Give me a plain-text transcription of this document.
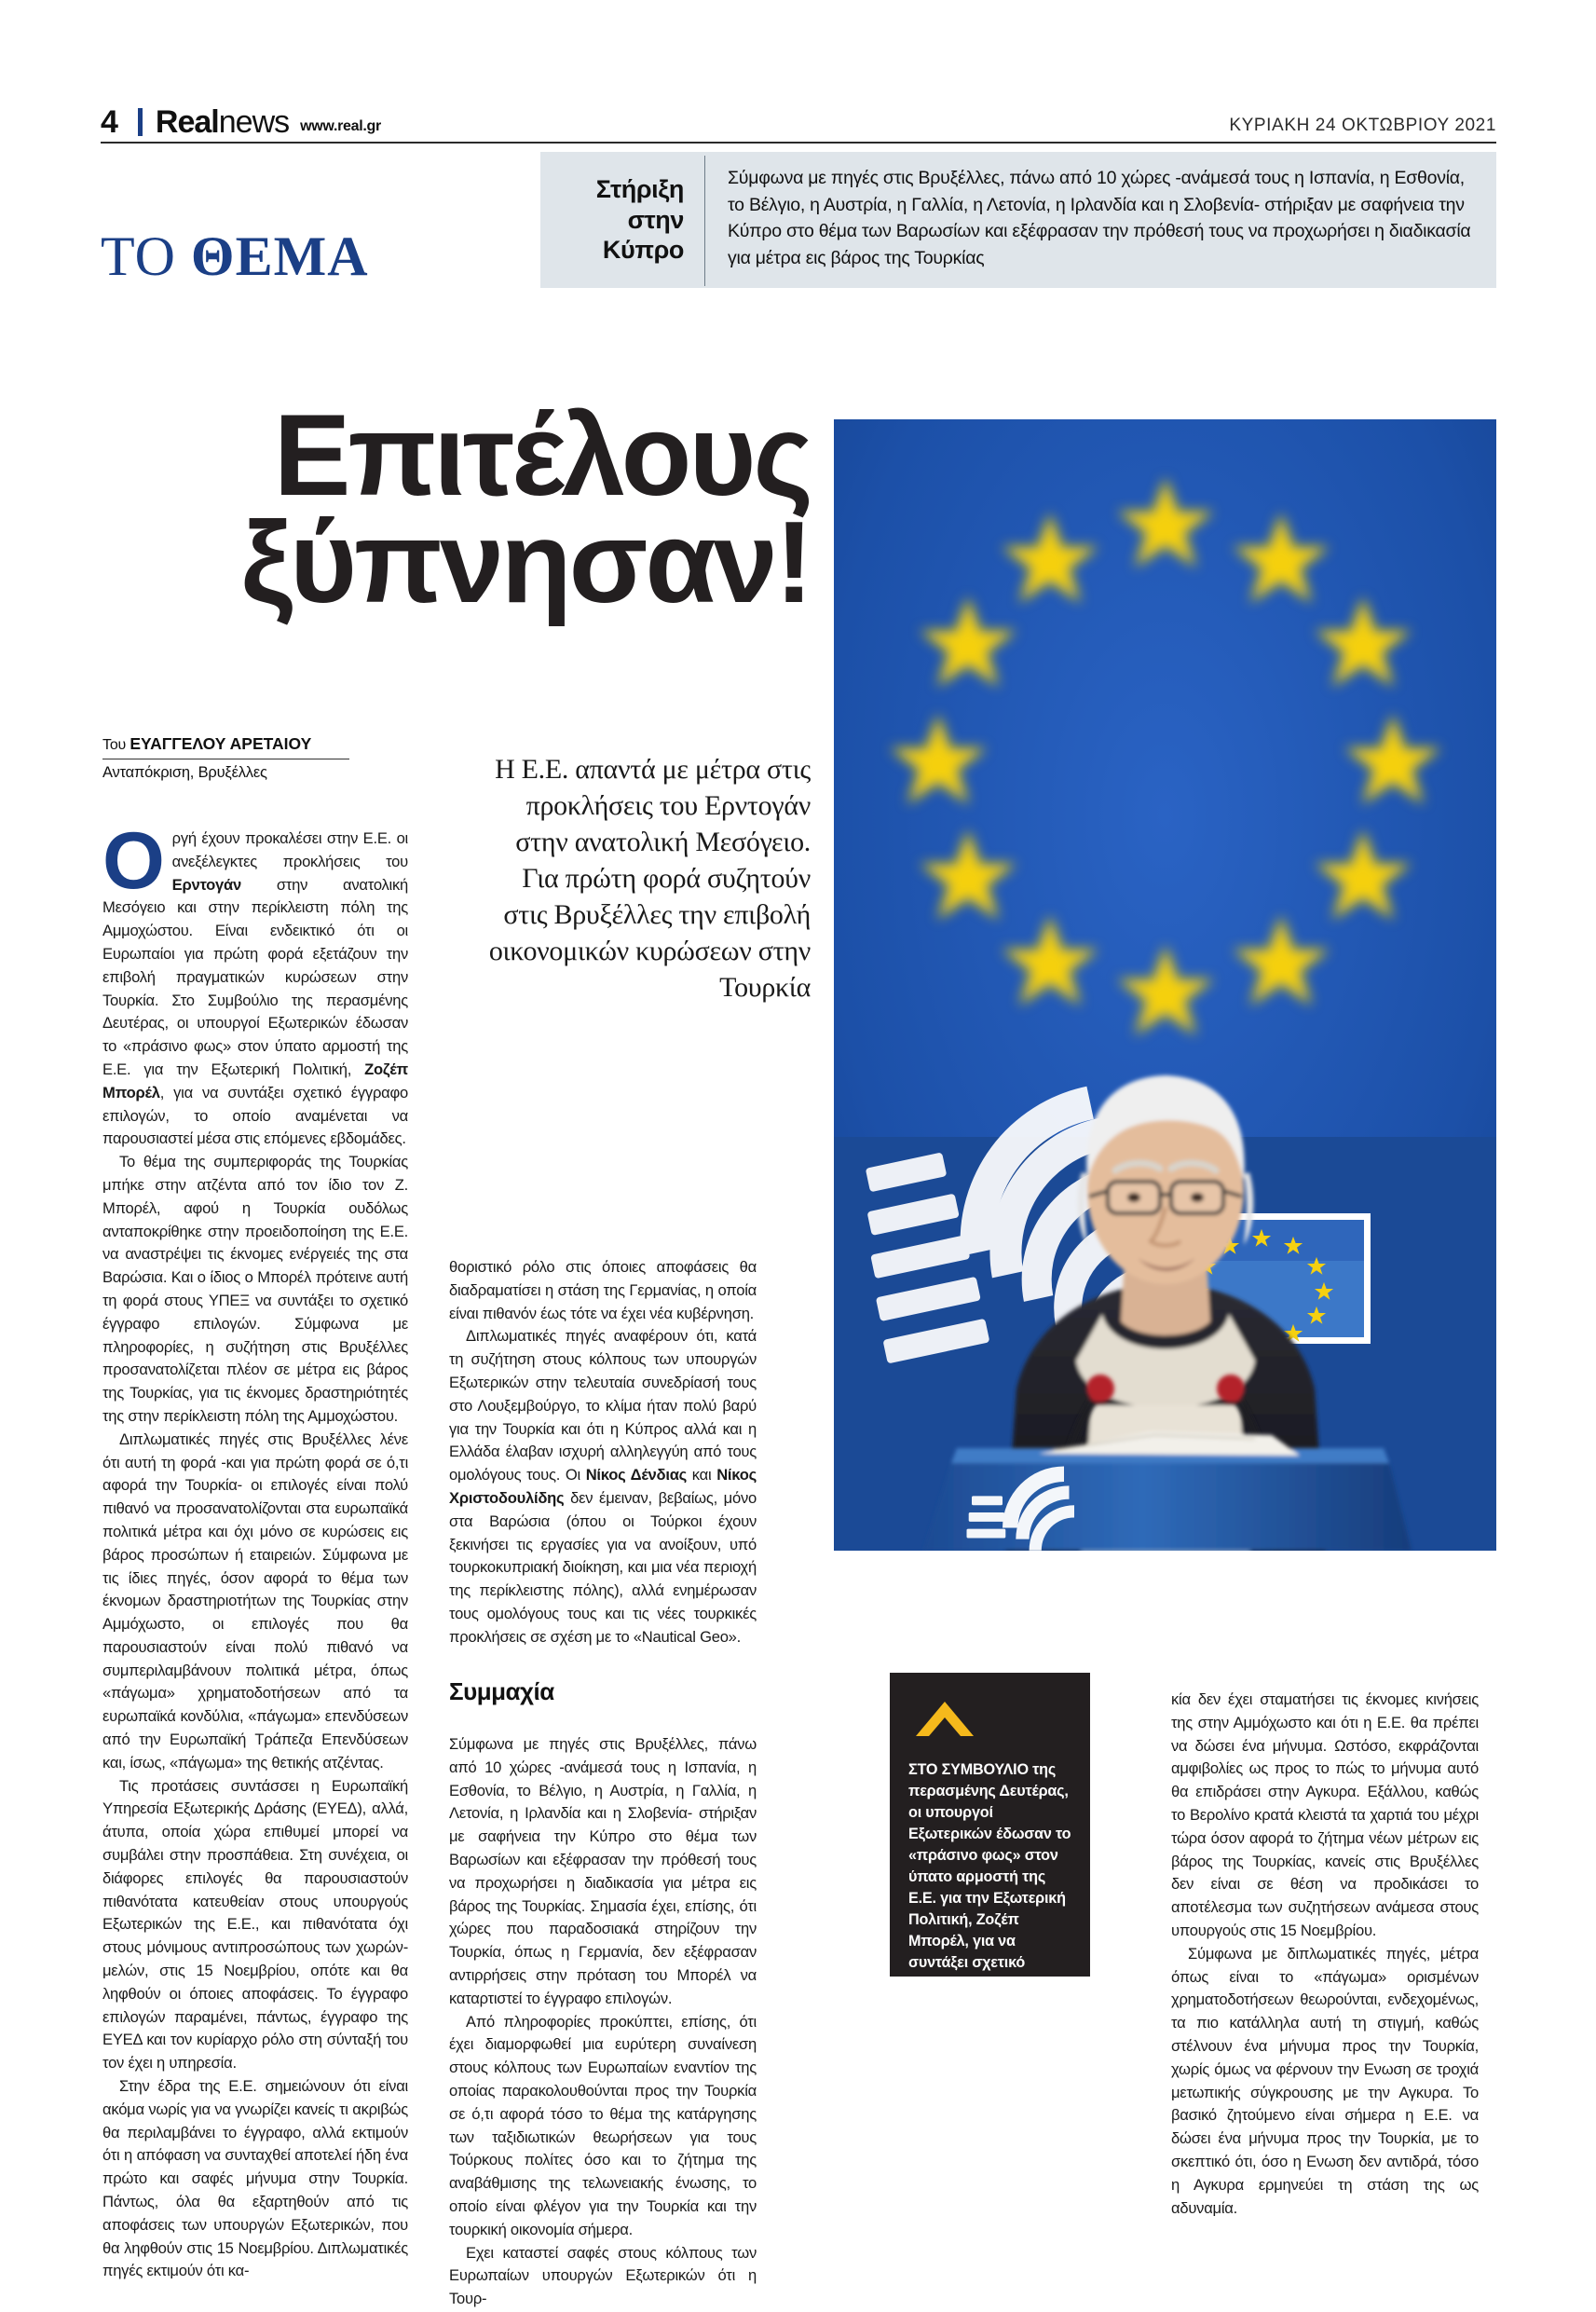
4 Realnews www.real.gr	ΚΥΡΙΑΚΗ 24 ΟΚΤΩΒΡΙΟΥ 2021
Στήριξη
στην Κύπρο
Σύμφωνα με πηγές στις Βρυξέλλες, πάνω από 10 χώρες -ανάμεσά τους η Ισπανία, η Εσθονία, το Βέλγιο, η Αυστρία, η Γαλλία, η Λετονία, η Ιρλανδία και η Σλοβενία- στήριξαν με σαφήνεια την Κύπρο στο θέμα των Βαρωσίων και εξέφρασαν την πρόθεσή τους να προχωρήσει η διαδικασία για μέτρα εις βάρος της Τουρκίας
ΤΟ ΘΕΜΑ
Επιτέλους
ξύπνησαν!
Του ΕΥΑΓΓΕΛΟΥ ΑΡΕΤΑΙΟΥ
Ανταπόκριση, Βρυξέλλες	Η Ε.Ε. απαντά με μέτρα στις προκλήσεις του Ερντογάν στην ανατολική Μεσόγειο. Για πρώτη φορά συζητούν στις Βρυξέλλες την επιβολή οικονομικών κυρώσεων στην Τουρκία

Οργή έχουν προκαλέσει στην Ε.Ε. οι ανεξέλεγκτες προκλήσεις του Ερντογάν στην ανατολική Μεσόγειο και στην περίκλειστη πόλη της Αμμοχώστου. Είναι ενδεικτικό ότι οι Ευρωπαίοι για πρώτη φορά εξετάζουν την επιβολή πραγματικών κυρώσεων στην Τουρκία. Στο Συμβούλιο της περασμένης Δευτέρας, οι υπουργοί Εξωτερικών έδωσαν το «πράσινο φως» στον ύπατο αρμοστή της Ε.Ε. για την Εξωτερική Πολιτική, Ζοζέπ Μπορέλ, για να συντάξει σχετικό έγγραφο επιλογών, το οποίο αναμένεται να παρουσιαστεί μέσα στις επόμενες εβδομάδες.

Το θέμα της συμπεριφοράς της Τουρκίας μπήκε στην ατζέντα από τον ίδιο τον Ζ. Μπορέλ, αφού η Τουρκία ουδόλως ανταποκρίθηκε στην προειδοποίηση της Ε.Ε. να αναστρέψει τις έκνομες ενέργειές της στα Βαρώσια. Και ο ίδιος ο Μπορέλ πρότεινε αυτή τη φορά στους ΥΠΕΞ να συντάξει το σχετικό έγγραφο επιλογών. Σύμφωνα με πληροφορίες, η συζήτηση στις Βρυξέλλες προσανατολίζεται πλέον σε μέτρα εις βάρος της Τουρκίας, για τις έκνομες δραστηριότητές της στην περίκλειστη πόλη της Αμμοχώστου.

Διπλωματικές πηγές στις Βρυξέλλες λένε ότι αυτή τη φορά -και για πρώτη φορά σε ό,τι αφορά την Τουρκία- οι επιλογές είναι πολύ πιθανό να προσανατολίζονται στα ευρωπαϊκά πολιτικά μέτρα και όχι μόνο σε κυρώσεις εις βάρος προσώπων ή εταιρειών. Σύμφωνα με τις ίδιες πηγές, όσον αφορά το θέμα των έκνομων δραστηριοτήτων της Τουρκίας στην Αμμόχωστο, οι επιλογές που θα παρουσιαστούν είναι πολύ πιθανό να συμπεριλαμβάνουν πολιτικά μέτρα, όπως «πάγωμα» χρηματοδοτήσεων από τα ευρωπαϊκά κονδύλια, «πάγωμα» επενδύσεων από την Ευρωπαϊκή Τράπεζα Επενδύσεων και, ίσως, «πάγωμα» της θετικής ατζέντας.

Τις προτάσεις συντάσσει η Ευρωπαϊκή Υπηρεσία Εξωτερικής Δράσης (ΕΥΕΔ), αλλά, άτυπα, οποία χώρα επιθυμεί μπορεί να συμβάλει στην προσπάθεια. Στη συνέχεια, οι διάφορες επιλογές θα παρουσιαστούν πιθανότατα κατευθείαν στους υπουργούς Εξωτερικών της Ε.Ε., και πιθανότατα όχι στους μόνιμους αντιπροσώπους των χωρών-μελών, στις 15 Νοεμβρίου, οπότε και θα ληφθούν οι όποιες αποφάσεις. Το έγγραφο επιλογών παραμένει, πάντως, έγγραφο της ΕΥΕΔ και τον κυρίαρχο ρόλο στη σύνταξή του τον έχει η υπηρεσία.

Στην έδρα της Ε.Ε. σημειώνουν ότι είναι ακόμα νωρίς για να γνωρίζει κανείς τι ακριβώς θα περιλαμβάνει το έγγραφο, αλλά εκτιμούν ότι η απόφαση να συνταχθεί αποτελεί ήδη ένα πρώτο και σαφές μήνυμα στην Τουρκία. Πάντως, όλα θα εξαρτηθούν από τις αποφάσεις των υπουργών Εξωτερικών, που θα ληφθούν στις 15 Νοεμβρίου. Διπλωματικές πηγές εκτιμούν ότι κα-

θοριστικό ρόλο στις όποιες αποφάσεις θα διαδραματίσει η στάση της Γερμανίας, η οποία είναι πιθανόν έως τότε να έχει νέα κυβέρνηση.

Διπλωματικές πηγές αναφέρουν ότι, κατά τη συζήτηση στους κόλπους των υπουργών Εξωτερικών στην τελευταία συνεδρίασή τους στο Λουξεμβούργο, το κλίμα ήταν πολύ βαρύ για την Τουρκία και ότι η Κύπρος αλλά και η Ελλάδα έλαβαν ισχυρή αλληλεγγύη από τους ομολόγους τους. Οι Νίκος Δένδιας και Νίκος Χριστοδουλίδης δεν έμειναν, βεβαίως, μόνο στα Βαρώσια (όπου οι Τούρκοι έχουν ξεκινήσει τις εργασίες για να ανοίξουν, υπό τουρκοκυπριακή διοίκηση, και μια νέα περιοχή της περίκλειστης πόλης), αλλά ενημέρωσαν τους ομολόγους τους και τις νέες τουρκικές προκλήσεις σε σχέση με το «Nautical Geo».

Συμμαχία

Σύμφωνα με πηγές στις Βρυξέλλες, πάνω από 10 χώρες -ανάμεσά τους η Ισπανία, η Εσθονία, το Βέλγιο, η Αυστρία, η Γαλλία, η Λετονία, η Ιρλανδία και η Σλοβενία- στήριξαν με σαφήνεια την Κύπρο στο θέμα των Βαρωσίων και εξέφρασαν την πρόθεσή τους να προχωρήσει η διαδικασία για μέτρα εις βάρος της Τουρκίας. Σημασία έχει, επίσης, ότι χώρες που παραδοσιακά στηρίζουν την Τουρκία, όπως η Γερμανία, δεν εξέφρασαν αντιρρήσεις στην πρόταση του Μπορέλ να καταρτιστεί το έγγραφο επιλογών.

Από πληροφορίες προκύπτει, επίσης, ότι έχει διαμορφωθεί μια ευρύτερη συναίνεση στους κόλπους των Ευρωπαίων εναντίον της οποίας παρακολουθούνται προς την Τουρκία σε ό,τι αφορά τόσο το θέμα της κατάργησης των ταξιδιωτικών θεωρήσεων για τους Τούρκους πολίτες όσο και το ζήτημα της αναβάθμισης της τελωνειακής ένωσης, το οποίο είναι φλέγον για την Τουρκία και την τουρκική οικονομία σήμερα.

Εχει καταστεί σαφές στους κόλπους των Ευρωπαίων υπουργών Εξωτερικών ότι η Τουρ-

ΣΤΟ ΣΥΜΒΟΥΛΙΟ της περασμένης Δευτέρας, οι υπουργοί Εξωτερικών έδωσαν το «πράσινο φως» στον ύπατο αρμοστή της Ε.Ε. για την Εξωτερική Πολιτική, Ζοζέπ Μπορέλ, για να συντάξει σχετικό έγγραφο επιλογών, το οποίο αναμένεται να παρουσιαστεί μέσα στις επόμενες εβδομάδες

κία δεν έχει σταματήσει τις έκνομες κινήσεις της στην Αμμόχωστο και ότι η Ε.Ε. θα πρέπει να δώσει ένα μήνυμα. Ωστόσο, εκφράζονται αμφιβολίες ως προς το πώς το μήνυμα αυτό θα επιδράσει στην Αγκυρα. Εξάλλου, καθώς το Βερολίνο κρατά κλειστά τα χαρτιά του μέχρι τώρα όσον αφορά το ζήτημα νέων μέτρων εις βάρος της Τουρκίας, κανείς στις Βρυξέλλες δεν είναι σε θέση να προδικάσει το αποτέλεσμα των συζητήσεων ανάμεσα στους υπουργούς στις 15 Νοεμβρίου.

Σύμφωνα με διπλωματικές πηγές, μέτρα όπως είναι το «πάγωμα» ορισμένων χρηματοδοτήσεων θεωρούνται, ενδεχομένως, τα πιο κατάλληλα αυτή τη στιγμή, καθώς στέλνουν ένα μήνυμα προς την Τουρκία, χωρίς όμως να φέρνουν την Ενωση σε τροχιά μετωπικής σύγκρουσης με την Αγκυρα. Το βασικό ζητούμενο είναι σήμερα η Ε.Ε. να δώσει ένα μήνυμα προς την Τουρκία, με το σκεπτικό ότι, όσο η Ενωση δεν αντιδρά, τόσο η Αγκυρα ερμηνεύει τη στάση της ως αδυναμία.
